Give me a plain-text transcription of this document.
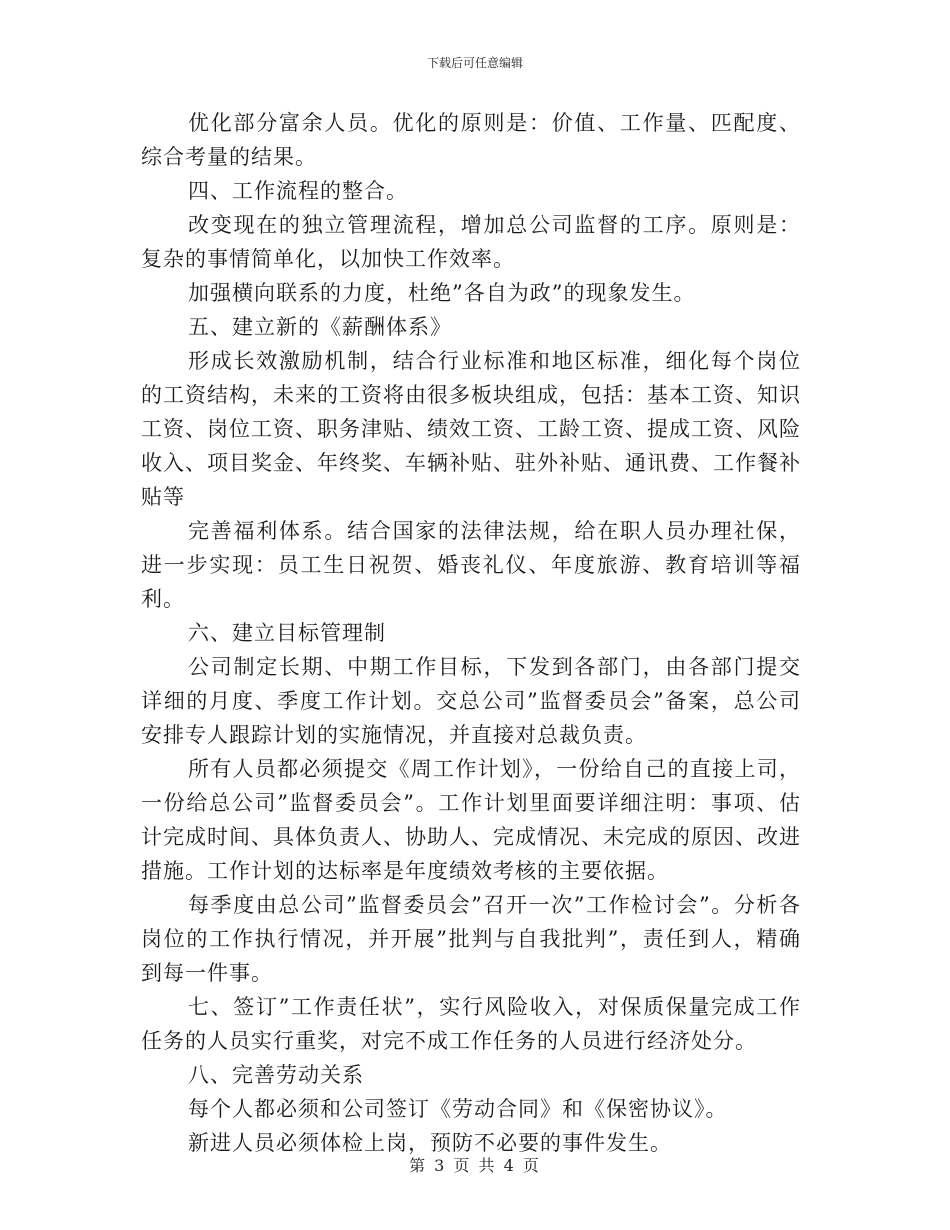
下载后可任意编辑

优化部分富余人员。优化的原则是：价值、工作量、匹配度、综合考量的结果。

四、工作流程的整合。

改变现在的独立管理流程，增加总公司监督的工序。原则是：复杂的事情简单化，以加快工作效率。

加强横向联系的力度，杜绝”各自为政”的现象发生。

五、建立新的《薪酬体系》

形成长效激励机制，结合行业标准和地区标准，细化每个岗位的工资结构，未来的工资将由很多板块组成，包括：基本工资、知识工资、岗位工资、职务津贴、绩效工资、工龄工资、提成工资、风险收入、项目奖金、年终奖、车辆补贴、驻外补贴、通讯费、工作餐补贴等

完善福利体系。结合国家的法律法规，给在职人员办理社保，进一步实现：员工生日祝贺、婚丧礼仪、年度旅游、教育培训等福利。

六、建立目标管理制

公司制定长期、中期工作目标，下发到各部门，由各部门提交详细的月度、季度工作计划。交总公司”监督委员会”备案，总公司安排专人跟踪计划的实施情况，并直接对总裁负责。

所有人员都必须提交《周工作计划》，一份给自己的直接上司，一份给总公司”监督委员会”。工作计划里面要详细注明：事项、估计完成时间、具体负责人、协助人、完成情况、未完成的原因、改进措施。工作计划的达标率是年度绩效考核的主要依据。

每季度由总公司”监督委员会”召开一次”工作检讨会”。分析各岗位的工作执行情况，并开展”批判与自我批判”，责任到人，精确到每一件事。

七、签订”工作责任状”，实行风险收入，对保质保量完成工作任务的人员实行重奖，对完不成工作任务的人员进行经济处分。

八、完善劳动关系

每个人都必须和公司签订《劳动合同》和《保密协议》。

新进人员必须体检上岗，预防不必要的事件发生。

第 3 页 共 4 页
